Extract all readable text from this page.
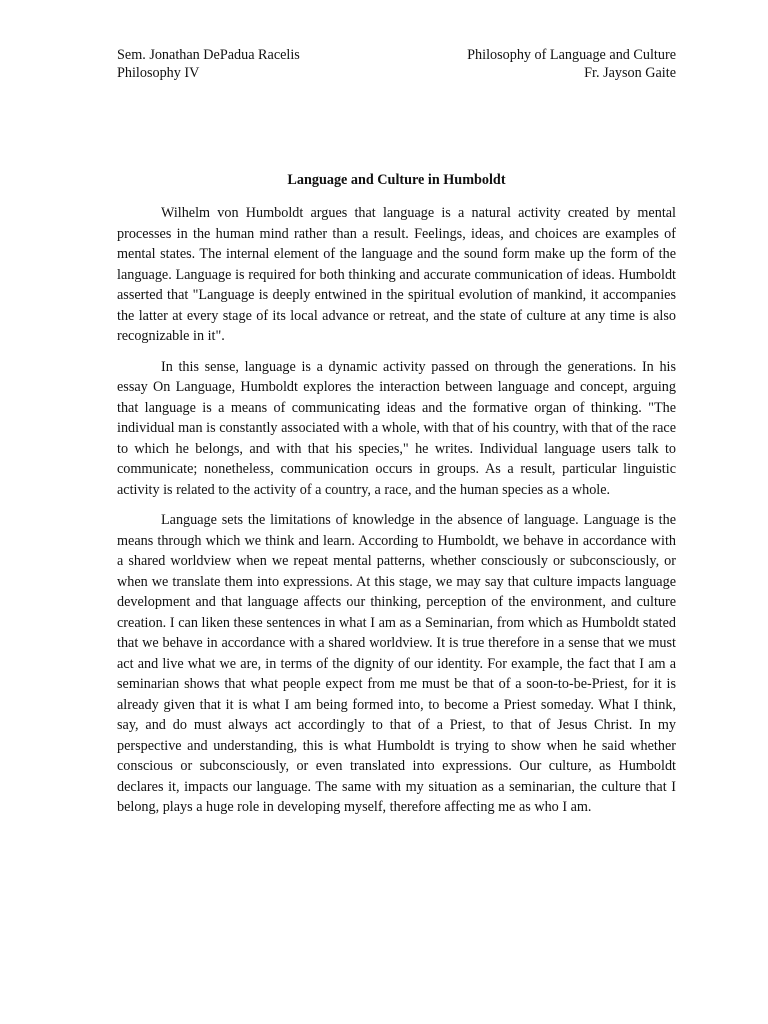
Sem. Jonathan DePadua Racelis
Philosophy IV
Philosophy of Language and Culture
Fr. Jayson Gaite
Language and Culture in Humboldt

Wilhelm von Humboldt argues that language is a natural activity created by mental processes in the human mind rather than a result. Feelings, ideas, and choices are examples of mental states. The internal element of the language and the sound form make up the form of the language. Language is required for both thinking and accurate communication of ideas. Humboldt asserted that "Language is deeply entwined in the spiritual evolution of mankind, it accompanies the latter at every stage of its local advance or retreat, and the state of culture at any time is also recognizable in it".

In this sense, language is a dynamic activity passed on through the generations. In his essay On Language, Humboldt explores the interaction between language and concept, arguing that language is a means of communicating ideas and the formative organ of thinking. "The individual man is constantly associated with a whole, with that of his country, with that of the race to which he belongs, and with that his species," he writes. Individual language users talk to communicate; nonetheless, communication occurs in groups. As a result, particular linguistic activity is related to the activity of a country, a race, and the human species as a whole.

Language sets the limitations of knowledge in the absence of language. Language is the means through which we think and learn. According to Humboldt, we behave in accordance with a shared worldview when we repeat mental patterns, whether consciously or subconsciously, or when we translate them into expressions. At this stage, we may say that culture impacts language development and that language affects our thinking, perception of the environment, and culture creation. I can liken these sentences in what I am as a Seminarian, from which as Humboldt stated that we behave in accordance with a shared worldview. It is true therefore in a sense that we must act and live what we are, in terms of the dignity of our identity. For example, the fact that I am a seminarian shows that what people expect from me must be that of a soon-to-be-Priest, for it is already given that it is what I am being formed into, to become a Priest someday. What I think, say, and do must always act accordingly to that of a Priest, to that of Jesus Christ. In my perspective and understanding, this is what Humboldt is trying to show when he said whether conscious or subconsciously, or even translated into expressions. Our culture, as Humboldt declares it, impacts our language. The same with my situation as a seminarian, the culture that I belong, plays a huge role in developing myself, therefore affecting me as who I am.
